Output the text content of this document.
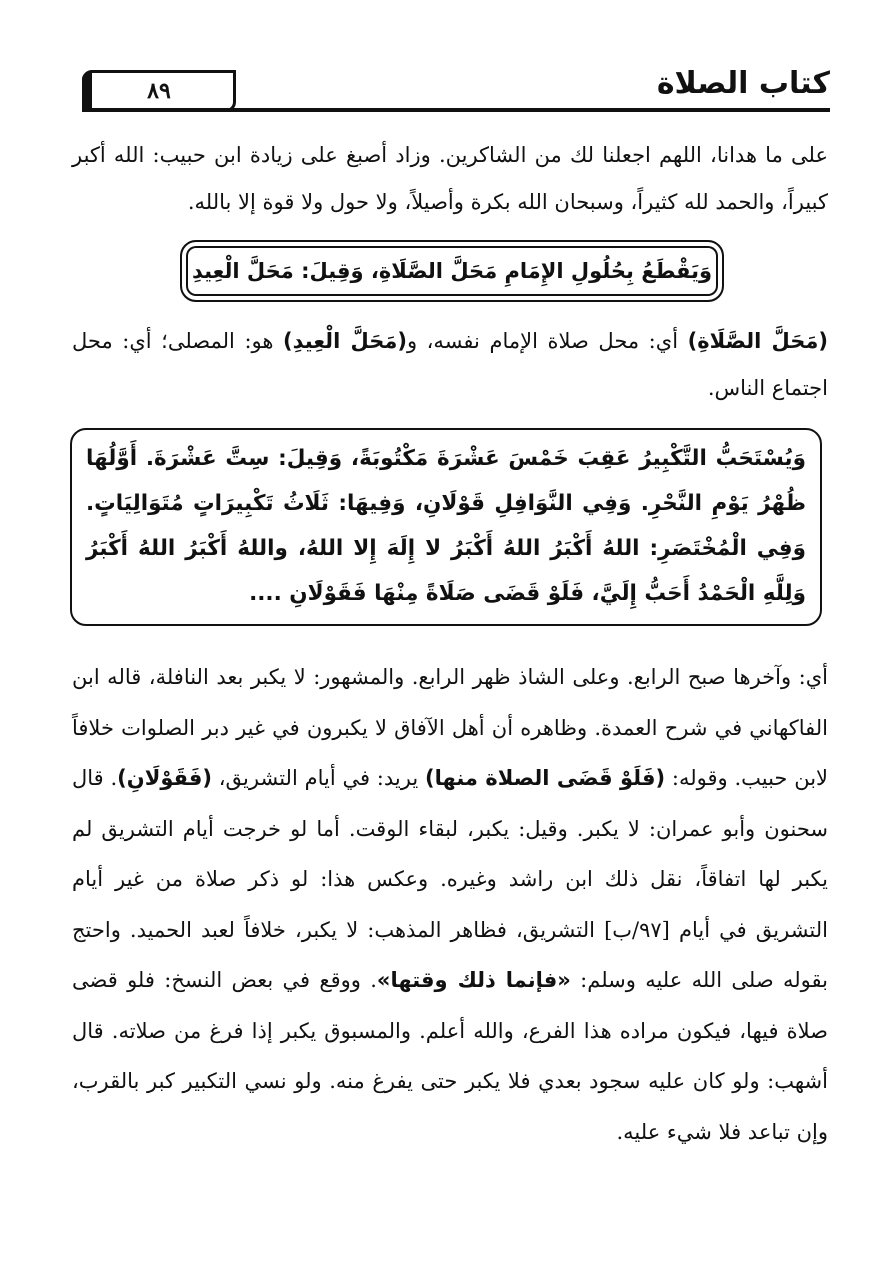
٨٩	كتاب الصلاة
على ما هدانا، اللهم اجعلنا لك من الشاكرين. وزاد أصبغ على زيادة ابن حبيب: الله أكبر كبيراً، والحمد لله كثيراً، وسبحان الله بكرة وأصيلاً، ولا حول ولا قوة إلا بالله.
وَيَقْطَعُ بِحُلُولِ الإِمَامِ مَحَلَّ الصَّلَاةِ، وَقِيلَ: مَحَلَّ الْعِيدِ
(مَحَلَّ الصَّلَاةِ) أي: محل صلاة الإمام نفسه، و(مَحَلَّ الْعِيدِ) هو: المصلى؛ أي: محل اجتماع الناس.
وَيُسْتَحَبُّ التَّكْبِيرُ عَقِبَ خَمْسَ عَشْرَةَ مَكْتُوبَةً، وَقِيلَ: سِتَّ عَشْرَةَ. أَوَّلُهَا ظُهْرُ يَوْمِ النَّحْرِ. وَفِي النَّوَافِلِ قَوْلَانِ، وَفِيهَا: ثَلَاثُ تَكْبِيرَاتٍ مُتَوَالِيَاتٍ. وَفِي الْمُخْتَصَرِ: اللهُ أَكْبَرُ اللهُ أَكْبَرُ لا إِلَهَ إِلا اللهُ، واللهُ أَكْبَرُ اللهُ أَكْبَرُ وَلِلَّهِ الْحَمْدُ أَحَبُّ إِلَيَّ، فَلَوْ قَضَى صَلَاةً مِنْهَا فَقَوْلَانِ ....
أي: وآخرها صبح الرابع. وعلى الشاذ ظهر الرابع. والمشهور: لا يكبر بعد النافلة، قاله ابن الفاكهاني في شرح العمدة. وظاهره أن أهل الآفاق لا يكبرون في غير دبر الصلوات خلافاً لابن حبيب. وقوله: (فَلَوْ قَضَى الصلاة منها) يريد: في أيام التشريق، (فَقَوْلَانِ). قال سحنون وأبو عمران: لا يكبر. وقيل: يكبر، لبقاء الوقت. أما لو خرجت أيام التشريق لم يكبر لها اتفاقاً، نقل ذلك ابن راشد وغيره. وعكس هذا: لو ذكر صلاة من غير أيام التشريق في أيام [٩٧/ب] التشريق، فظاهر المذهب: لا يكبر، خلافاً لعبد الحميد. واحتج بقوله صلى الله عليه وسلم: «فإنما ذلك وقتها». ووقع في بعض النسخ: فلو قضى صلاة فيها، فيكون مراده هذا الفرع، والله أعلم. والمسبوق يكبر إذا فرغ من صلاته. قال أشهب: ولو كان عليه سجود بعدي فلا يكبر حتى يفرغ منه. ولو نسي التكبير كبر بالقرب، وإن تباعد فلا شيء عليه.
